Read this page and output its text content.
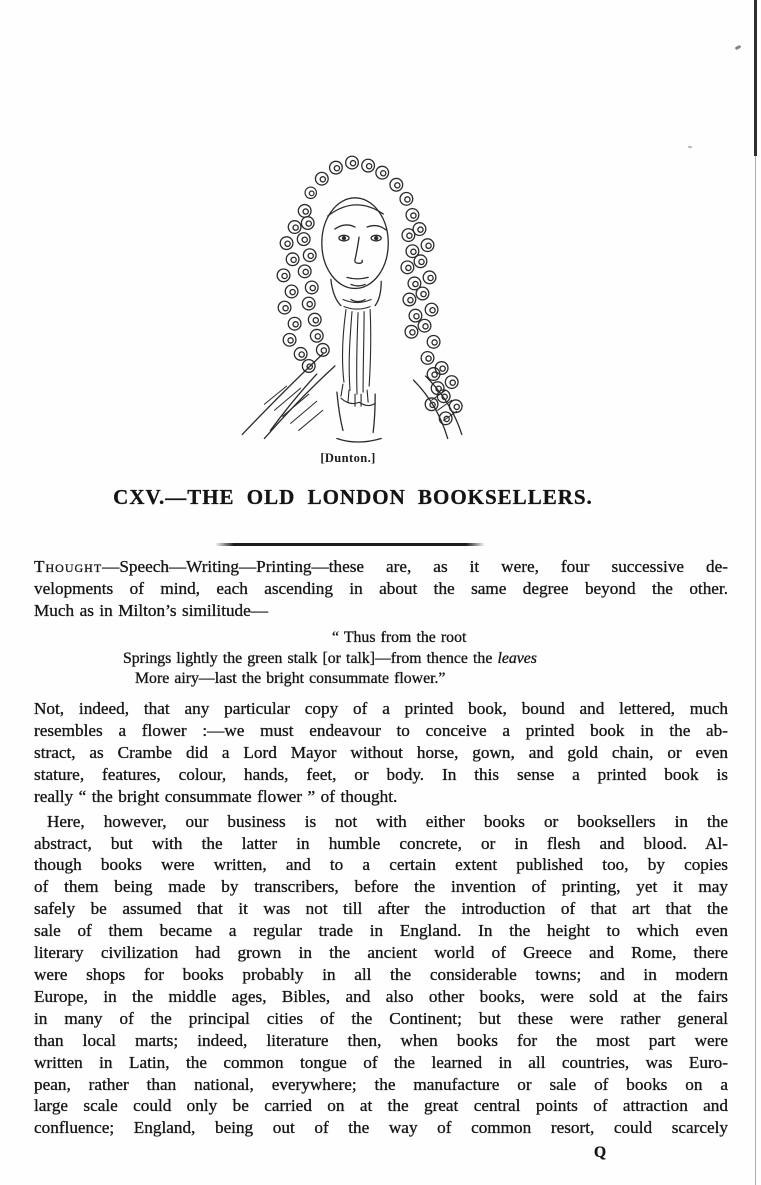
[Dunton.]
CXV.—THE OLD LONDON BOOKSELLERS.
Thought—Speech—Writing—Printing—these are, as it were, four successive de-
velopments of mind, each ascending in about the same degree beyond the other.
Much as in Milton’s similitude—
“ Thus from the root
Springs lightly the green stalk [or talk]—from thence the leaves
More airy—last the bright consummate flower.”
Not, indeed, that any particular copy of a printed book, bound and lettered, much
resembles a flower :—we must endeavour to conceive a printed book in the ab-
stract, as Crambe did a Lord Mayor without horse, gown, and gold chain, or even
stature, features, colour, hands, feet, or body. In this sense a printed book is
really “ the bright consummate flower ” of thought.
Here, however, our business is not with either books or booksellers in the
abstract, but with the latter in humble concrete, or in flesh and blood. Al-
though books were written, and to a certain extent published too, by copies
of them being made by transcribers, before the invention of printing, yet it may
safely be assumed that it was not till after the introduction of that art that the
sale of them became a regular trade in England. In the height to which even
literary civilization had grown in the ancient world of Greece and Rome, there
were shops for books probably in all the considerable towns; and in modern
Europe, in the middle ages, Bibles, and also other books, were sold at the fairs
in many of the principal cities of the Continent; but these were rather general
than local marts; indeed, literature then, when books for the most part were
written in Latin, the common tongue of the learned in all countries, was Euro-
pean, rather than national, everywhere; the manufacture or sale of books on a
large scale could only be carried on at the great central points of attraction and
confluence; England, being out of the way of common resort, could scarcely
Q
